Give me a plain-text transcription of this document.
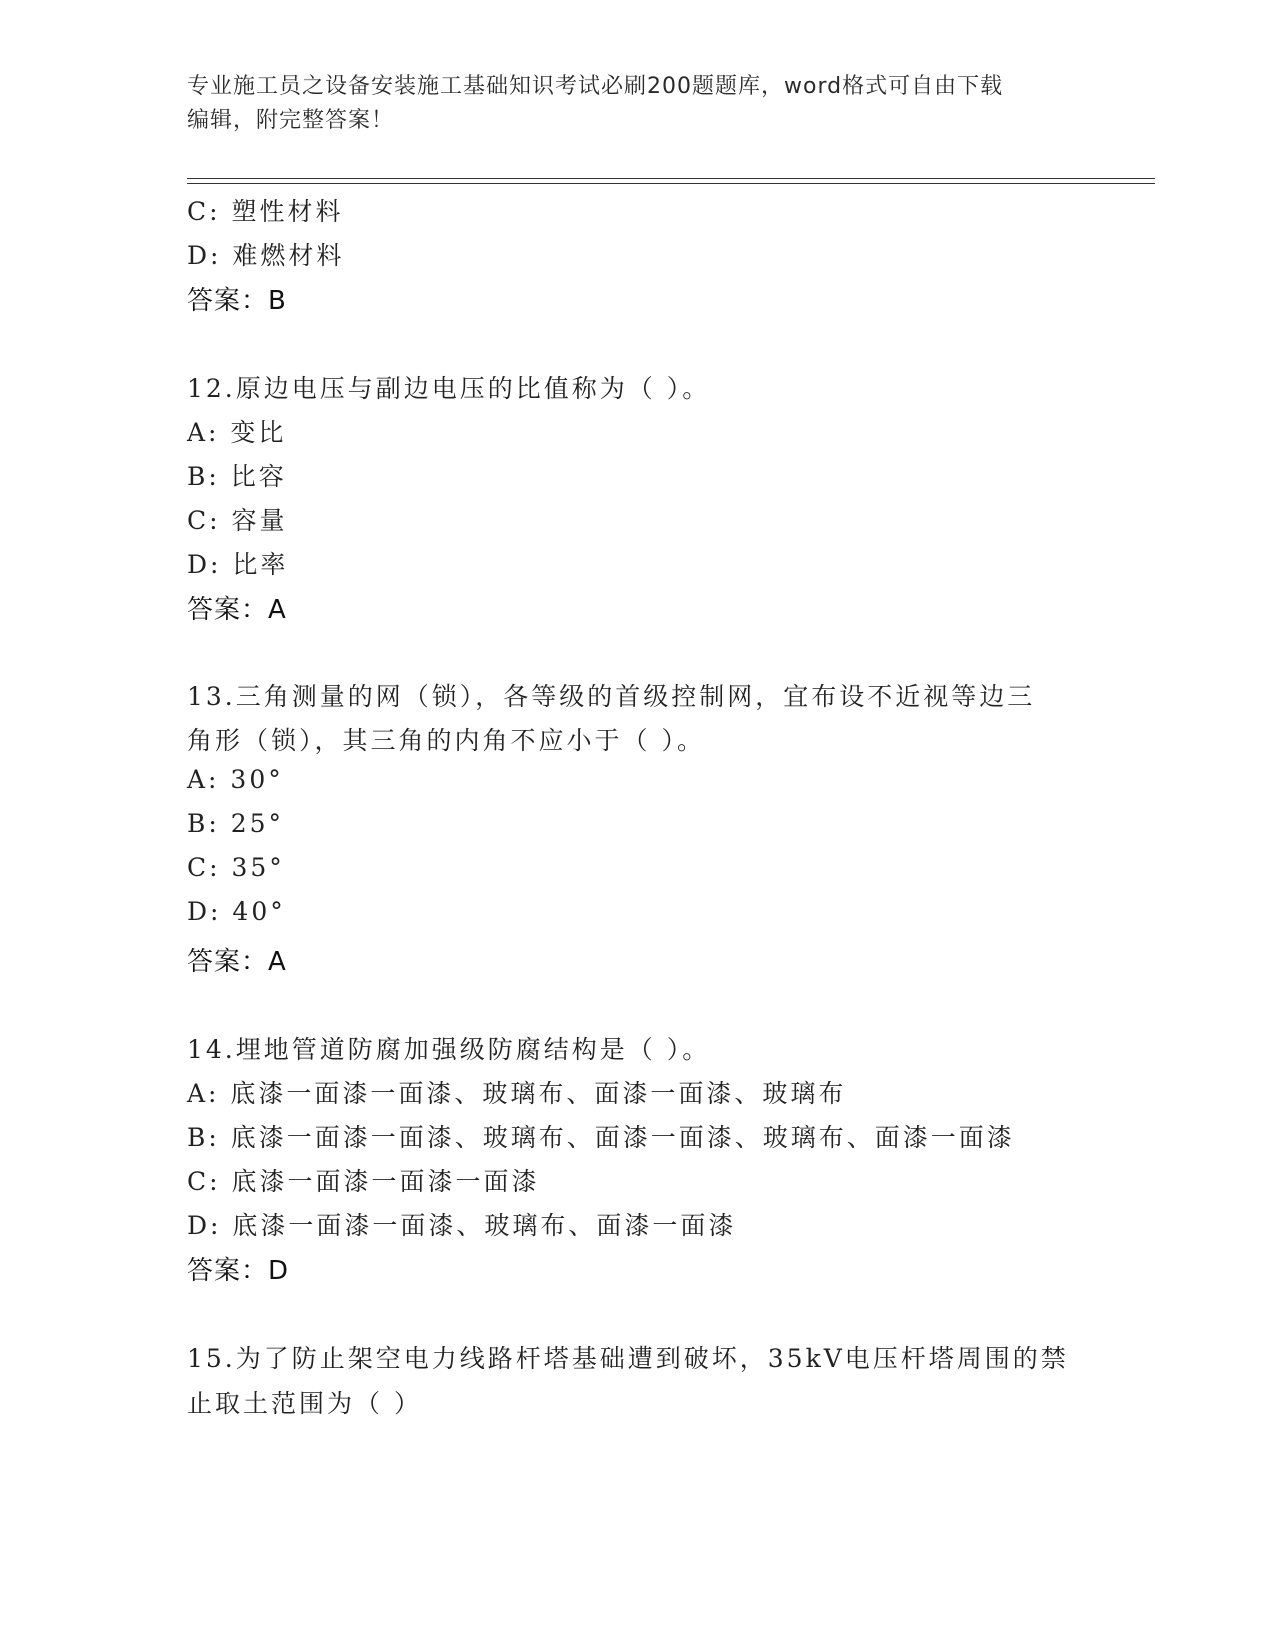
专业施工员之设备安装施工基础知识考试必刷200题题库，word格式可自由下载
编辑，附完整答案！
C: 塑性材料
D: 难燃材料
答案：B
12.原边电压与副边电压的比值称为（ ）。
A: 变比
B: 比容
C: 容量
D: 比率
答案：A
13.三角测量的网（锁），各等级的首级控制网，宜布设不近视等边三
角形（锁），其三角的内角不应小于（ ）。
A: 30°
B: 25°
C: 35°
D: 40°
答案：A
14.埋地管道防腐加强级防腐结构是（ ）。
A: 底漆一面漆一面漆、玻璃布、面漆一面漆、玻璃布
B: 底漆一面漆一面漆、玻璃布、面漆一面漆、玻璃布、面漆一面漆
C: 底漆一面漆一面漆一面漆
D: 底漆一面漆一面漆、玻璃布、面漆一面漆
答案：D
15.为了防止架空电力线路杆塔基础遭到破坏，35kV电压杆塔周围的禁
止取土范围为（ ）
